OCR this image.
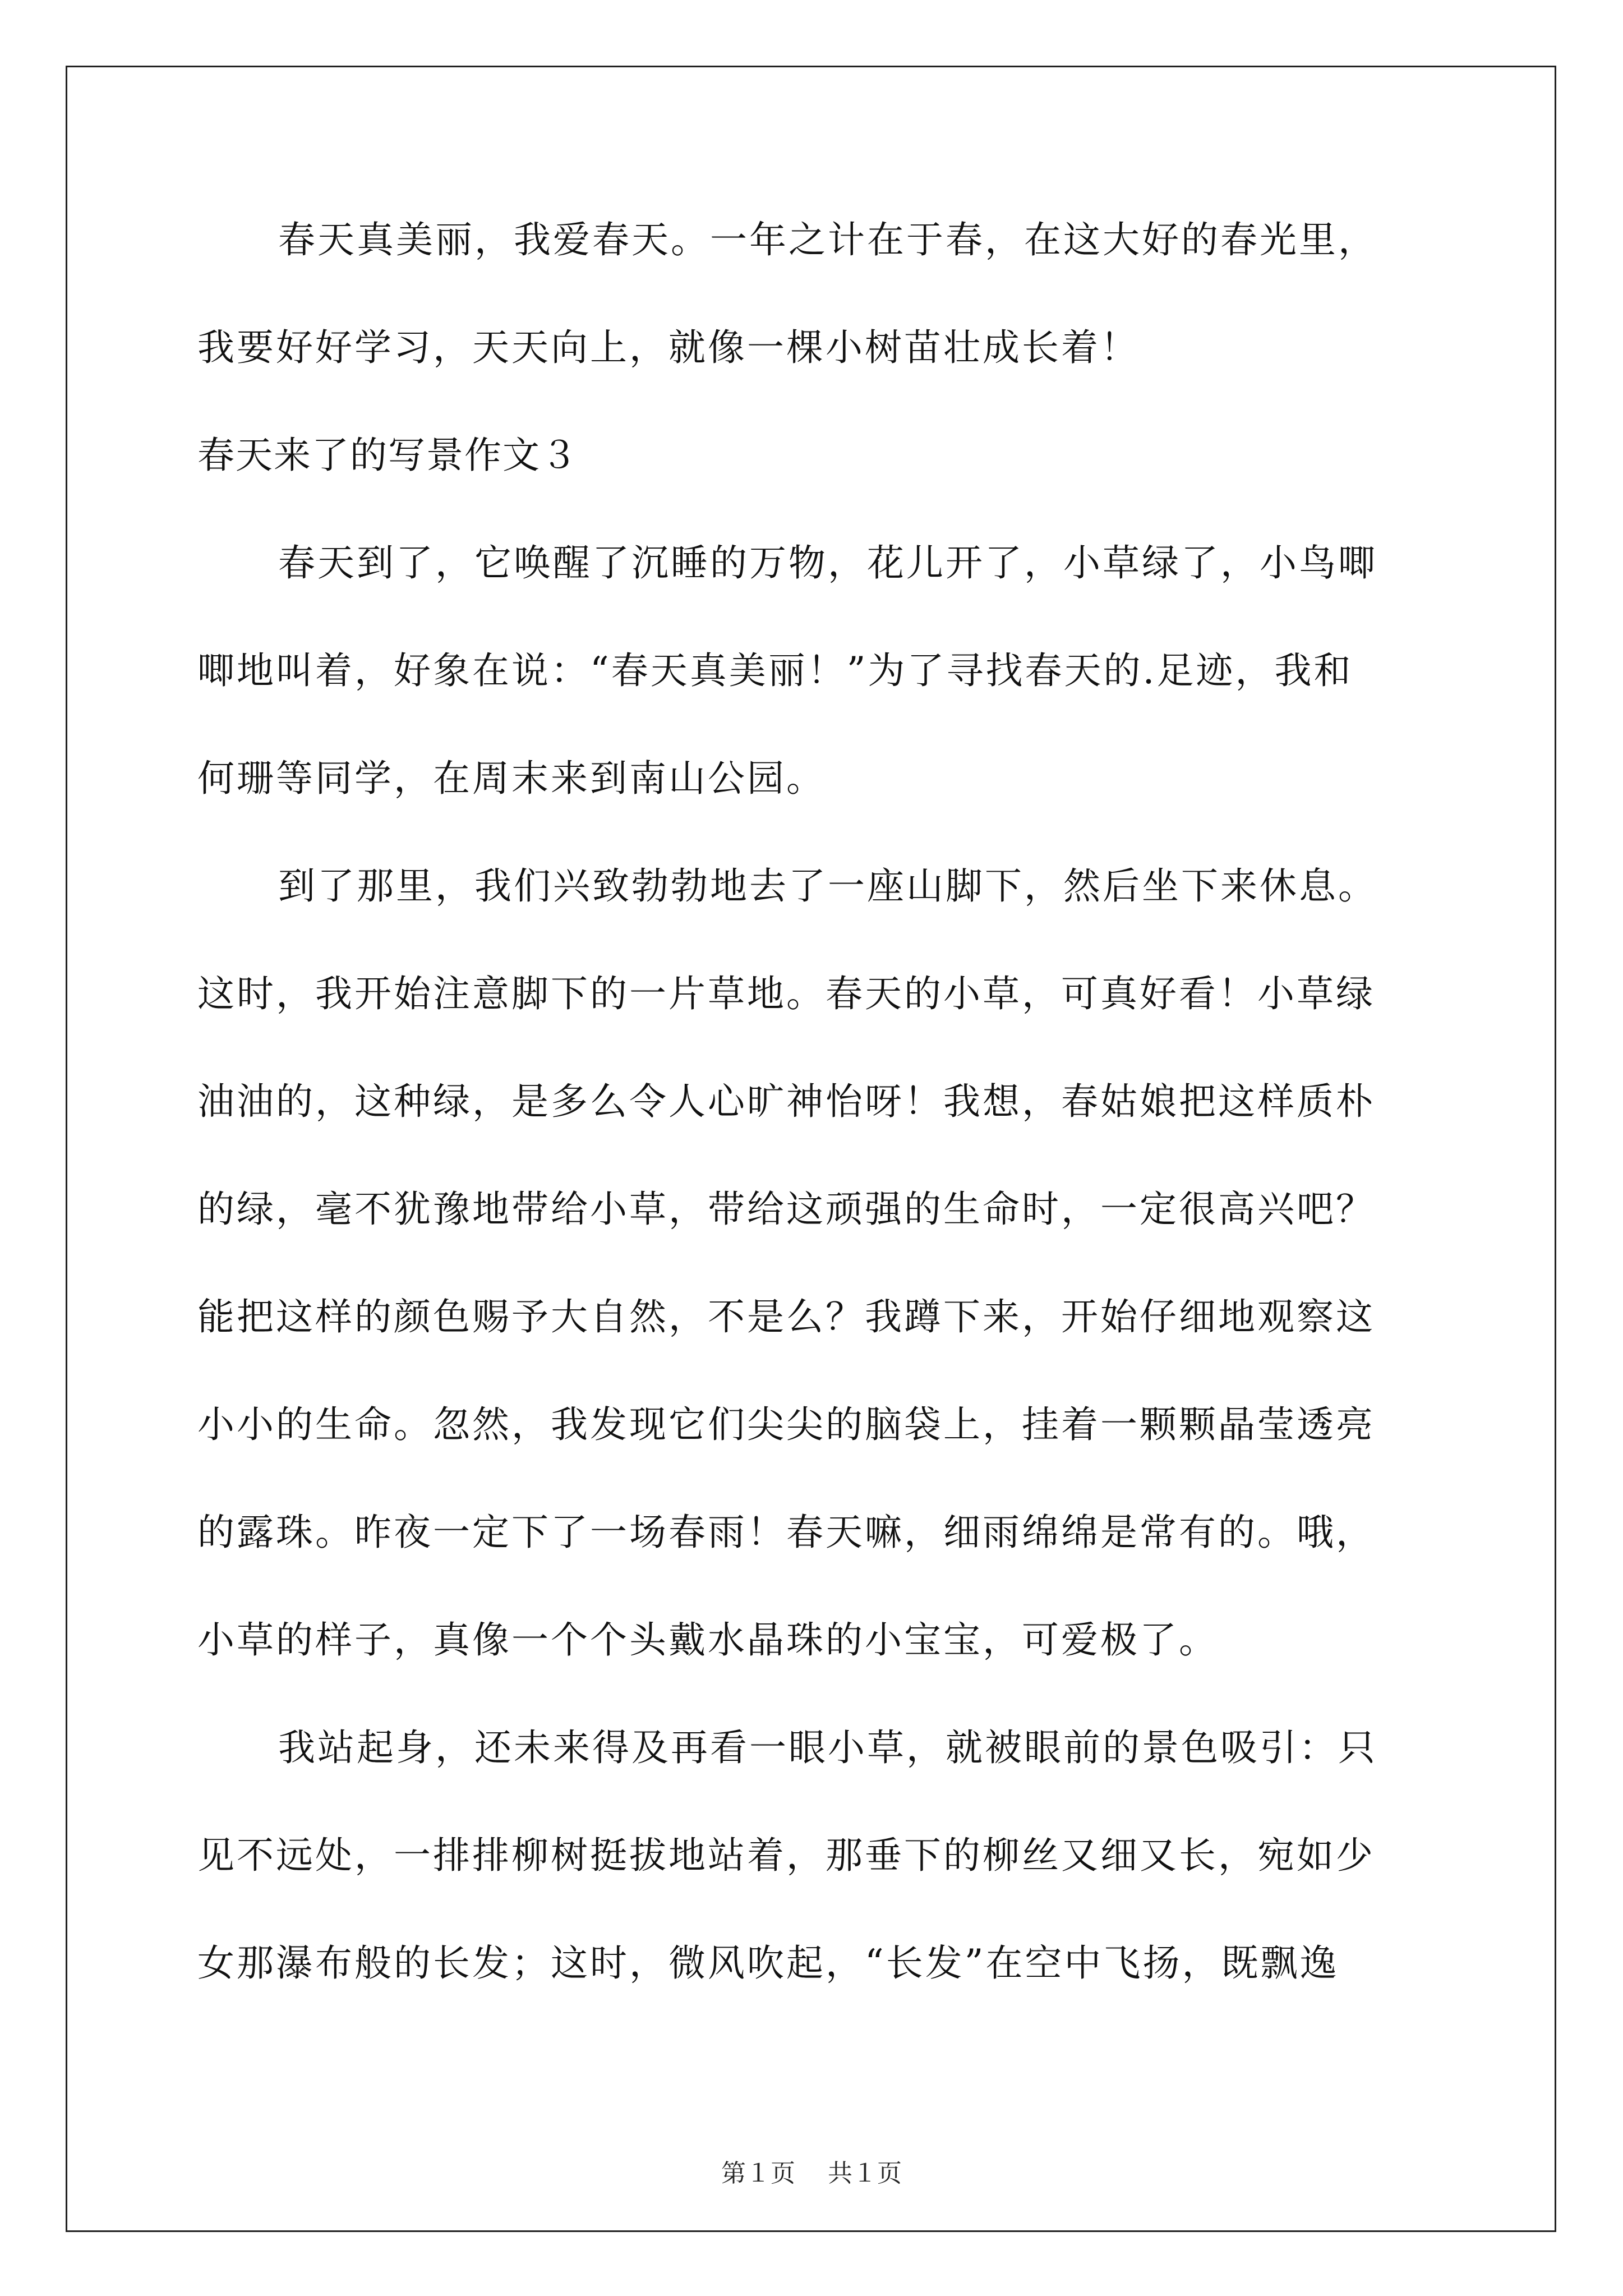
春天真美丽，我爱春天。一年之计在于春，在这大好的春光里，
我要好好学习，天天向上，就像一棵小树苗壮成长着！
春天来了的写景作文３
春天到了，它唤醒了沉睡的万物，花儿开了，小草绿了，小鸟唧
唧地叫着，好象在说：“春天真美丽！”为了寻找春天的.足迹，我和
何珊等同学，在周末来到南山公园。
到了那里，我们兴致勃勃地去了一座山脚下，然后坐下来休息。
这时，我开始注意脚下的一片草地。春天的小草，可真好看！小草绿
油油的，这种绿，是多么令人心旷神怡呀！我想，春姑娘把这样质朴
的绿，毫不犹豫地带给小草，带给这顽强的生命时，一定很高兴吧？
能把这样的颜色赐予大自然，不是么？我蹲下来，开始仔细地观察这
小小的生命。忽然，我发现它们尖尖的脑袋上，挂着一颗颗晶莹透亮
的露珠。昨夜一定下了一场春雨！春天嘛，细雨绵绵是常有的。哦，
小草的样子，真像一个个头戴水晶珠的小宝宝，可爱极了。
我站起身，还未来得及再看一眼小草，就被眼前的景色吸引：只
见不远处，一排排柳树挺拔地站着，那垂下的柳丝又细又长，宛如少
女那瀑布般的长发；这时，微风吹起，“长发”在空中飞扬，既飘逸
第１页 共１页
